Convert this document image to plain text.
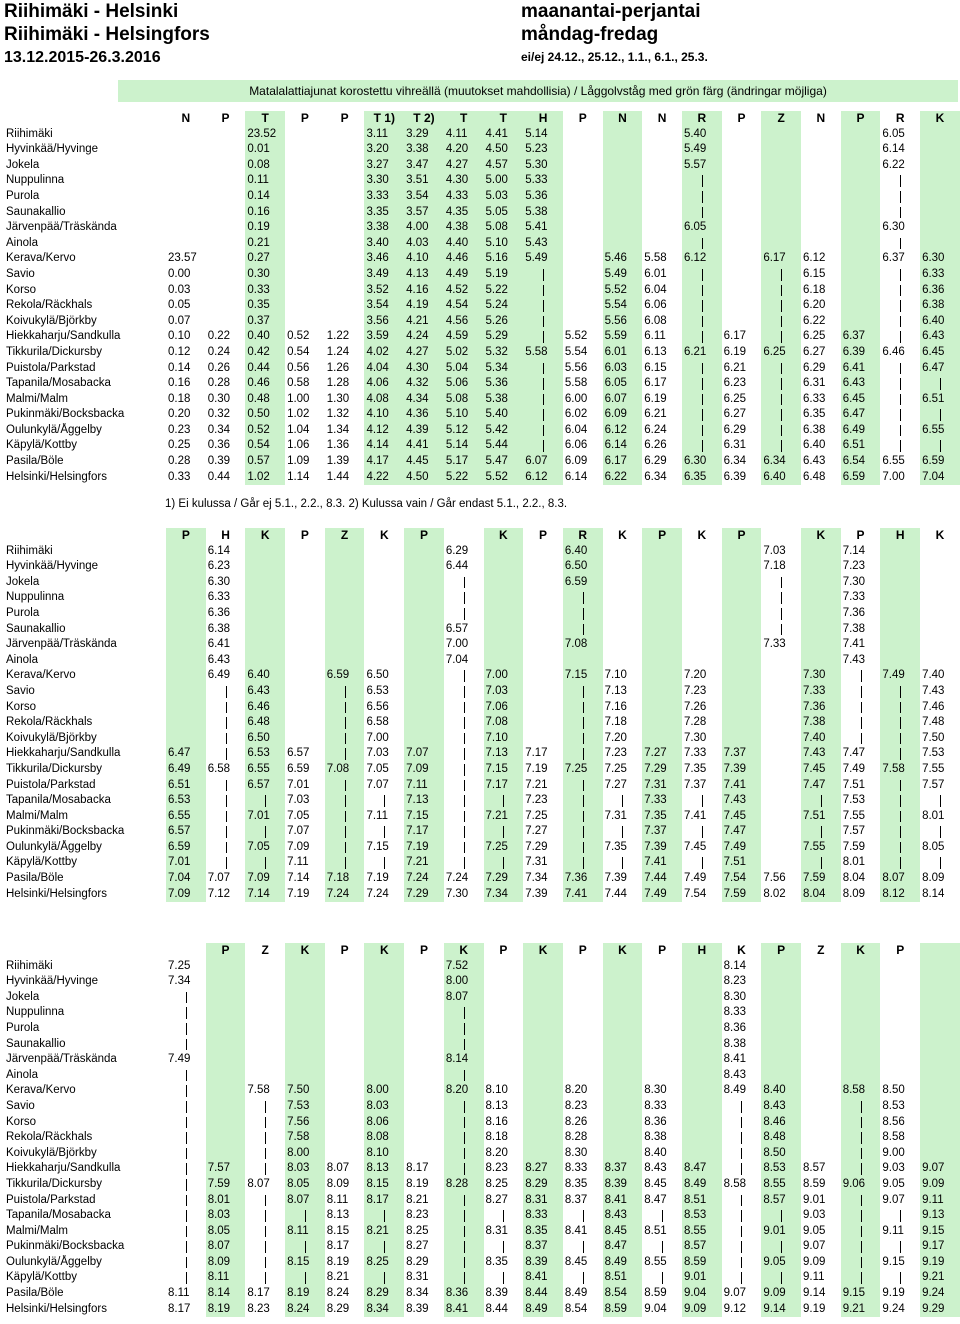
Riihimäki - Helsinki
Riihimäki - Helsingfors
13.12.2015-26.3.2016
maanantai-perjantai
måndag-fredag
ei/ej 24.12., 25.12., 1.1., 6.1., 25.3.
Matalalattiajunat korostettu vihreällä (muutokset mahdollisia) / Låggolvståg med grön färg (ändringar möjliga)
	N	P	T	P	P	T 1)	T 2)	T	T	H	P	N	N	R	P	Z	N	P	R	K
Riihimäki			23.52			3.11	3.29	4.11	4.41	5.14				5.40					6.05	
Hyvinkää/Hyvinge			0.01			3.20	3.38	4.20	4.50	5.23				5.49					6.14	
Jokela			0.08			3.27	3.47	4.27	4.57	5.30				5.57					6.22	
Nuppulinna			0.11			3.30	3.51	4.30	5.00	5.33										
Purola			0.14			3.33	3.54	4.33	5.03	5.36										
Saunakallio			0.16			3.35	3.57	4.35	5.05	5.38										
Järvenpää/Träskända			0.19			3.38	4.00	4.38	5.08	5.41				6.05					6.30	
Ainola			0.21			3.40	4.03	4.40	5.10	5.43										
Kerava/Kervo	23.57		0.27			3.46	4.10	4.46	5.16	5.49		5.46	5.58	6.12		6.17	6.12		6.37	6.30
Savio	0.00		0.30			3.49	4.13	4.49	5.19			5.49	6.01				6.15			6.33
Korso	0.03		0.33			3.52	4.16	4.52	5.22			5.52	6.04				6.18			6.36
Rekola/Räckhals	0.05		0.35			3.54	4.19	4.54	5.24			5.54	6.06				6.20			6.38
Koivukylä/Björkby	0.07		0.37			3.56	4.21	4.56	5.26			5.56	6.08				6.22			6.40
Hiekkaharju/Sandkulla	0.10	0.22	0.40	0.52	1.22	3.59	4.24	4.59	5.29		5.52	5.59	6.11		6.17		6.25	6.37		6.43
Tikkurila/Dickursby	0.12	0.24	0.42	0.54	1.24	4.02	4.27	5.02	5.32	5.58	5.54	6.01	6.13	6.21	6.19	6.25	6.27	6.39	6.46	6.45
Puistola/Parkstad	0.14	0.26	0.44	0.56	1.26	4.04	4.30	5.04	5.34		5.56	6.03	6.15		6.21		6.29	6.41		6.47
Tapanila/Mosabacka	0.16	0.28	0.46	0.58	1.28	4.06	4.32	5.06	5.36		5.58	6.05	6.17		6.23		6.31	6.43		
Malmi/Malm	0.18	0.30	0.48	1.00	1.30	4.08	4.34	5.08	5.38		6.00	6.07	6.19		6.25		6.33	6.45		6.51
Pukinmäki/Bocksbacka	0.20	0.32	0.50	1.02	1.32	4.10	4.36	5.10	5.40		6.02	6.09	6.21		6.27		6.35	6.47		
Oulunkylä/Åggelby	0.23	0.34	0.52	1.04	1.34	4.12	4.39	5.12	5.42		6.04	6.12	6.24		6.29		6.38	6.49		6.55
Käpylä/Kottby	0.25	0.36	0.54	1.06	1.36	4.14	4.41	5.14	5.44		6.06	6.14	6.26		6.31		6.40	6.51		
Pasila/Böle	0.28	0.39	0.57	1.09	1.39	4.17	4.45	5.17	5.47	6.07	6.09	6.17	6.29	6.30	6.34	6.34	6.43	6.54	6.55	6.59
Helsinki/Helsingfors	0.33	0.44	1.02	1.14	1.44	4.22	4.50	5.22	5.52	6.12	6.14	6.22	6.34	6.35	6.39	6.40	6.48	6.59	7.00	7.04
1) Ei kulussa / Går ej 5.1., 2.2., 8.3. 2) Kulussa vain / Går endast 5.1., 2.2., 8.3.
	P	H	K	P	Z	K	P		K	P	R	K	P	K	P		K	P	H	K
Riihimäki		6.14						6.29			6.40					7.03		7.14		
Hyvinkää/Hyvinge		6.23						6.44			6.50					7.18		7.23		
Jokela		6.30									6.59							7.30		
Nuppulinna		6.33																7.33		
Purola		6.36																7.36		
Saunakallio		6.38						6.57										7.38		
Järvenpää/Träskända		6.41						7.00			7.08					7.33		7.41		
Ainola		6.43						7.04										7.43		
Kerava/Kervo		6.49	6.40		6.59	6.50			7.00		7.15	7.10		7.20			7.30		7.49	7.40
Savio			6.43			6.53			7.03			7.13		7.23			7.33			7.43
Korso			6.46			6.56			7.06			7.16		7.26			7.36			7.46
Rekola/Räckhals			6.48			6.58			7.08			7.18		7.28			7.38			7.48
Koivukylä/Björkby			6.50			7.00			7.10			7.20		7.30			7.40			7.50
Hiekkaharju/Sandkulla	6.47		6.53	6.57		7.03	7.07		7.13	7.17		7.23	7.27	7.33	7.37		7.43	7.47		7.53
Tikkurila/Dickursby	6.49	6.58	6.55	6.59	7.08	7.05	7.09		7.15	7.19	7.25	7.25	7.29	7.35	7.39		7.45	7.49	7.58	7.55
Puistola/Parkstad	6.51		6.57	7.01		7.07	7.11		7.17	7.21		7.27	7.31	7.37	7.41		7.47	7.51		7.57
Tapanila/Mosabacka	6.53			7.03			7.13			7.23			7.33		7.43			7.53		
Malmi/Malm	6.55		7.01	7.05		7.11	7.15		7.21	7.25		7.31	7.35	7.41	7.45		7.51	7.55		8.01
Pukinmäki/Bocksbacka	6.57			7.07			7.17			7.27			7.37		7.47			7.57		
Oulunkylä/Åggelby	6.59		7.05	7.09		7.15	7.19		7.25	7.29		7.35	7.39	7.45	7.49		7.55	7.59		8.05
Käpylä/Kottby	7.01			7.11			7.21			7.31			7.41		7.51			8.01		
Pasila/Böle	7.04	7.07	7.09	7.14	7.18	7.19	7.24	7.24	7.29	7.34	7.36	7.39	7.44	7.49	7.54	7.56	7.59	8.04	8.07	8.09
Helsinki/Helsingfors	7.09	7.12	7.14	7.19	7.24	7.24	7.29	7.30	7.34	7.39	7.41	7.44	7.49	7.54	7.59	8.02	8.04	8.09	8.12	8.14
		P	Z	K	P	K	P	K	P	K	P	K	P	H	K	P	Z	K	P	
Riihimäki	7.25							7.52							8.14					
Hyvinkää/Hyvinge	7.34							8.00							8.23					
Jokela								8.07							8.30					
Nuppulinna															8.33					
Purola															8.36					
Saunakallio															8.38					
Järvenpää/Träskända	7.49							8.14							8.41					
Ainola															8.43					
Kerava/Kervo			7.58	7.50		8.00		8.20	8.10		8.20		8.30		8.49	8.40		8.58	8.50	
Savio				7.53		8.03			8.13		8.23		8.33			8.43			8.53	
Korso				7.56		8.06			8.16		8.26		8.36			8.46			8.56	
Rekola/Räckhals				7.58		8.08			8.18		8.28		8.38			8.48			8.58	
Koivukylä/Björkby				8.00		8.10			8.20		8.30		8.40			8.50			9.00	
Hiekkaharju/Sandkulla		7.57		8.03	8.07	8.13	8.17		8.23	8.27	8.33	8.37	8.43	8.47		8.53	8.57		9.03	9.07
Tikkurila/Dickursby		7.59	8.07	8.05	8.09	8.15	8.19	8.28	8.25	8.29	8.35	8.39	8.45	8.49	8.58	8.55	8.59	9.06	9.05	9.09
Puistola/Parkstad		8.01		8.07	8.11	8.17	8.21		8.27	8.31	8.37	8.41	8.47	8.51		8.57	9.01		9.07	9.11
Tapanila/Mosabacka		8.03			8.13		8.23			8.33		8.43		8.53			9.03			9.13
Malmi/Malm		8.05		8.11	8.15	8.21	8.25		8.31	8.35	8.41	8.45	8.51	8.55		9.01	9.05		9.11	9.15
Pukinmäki/Bocksbacka		8.07			8.17		8.27			8.37		8.47		8.57			9.07			9.17
Oulunkylä/Åggelby		8.09		8.15	8.19	8.25	8.29		8.35	8.39	8.45	8.49	8.55	8.59		9.05	9.09		9.15	9.19
Käpylä/Kottby		8.11			8.21		8.31			8.41		8.51		9.01			9.11			9.21
Pasila/Böle	8.11	8.14	8.17	8.19	8.24	8.29	8.34	8.36	8.39	8.44	8.49	8.54	8.59	9.04	9.07	9.09	9.14	9.15	9.19	9.24
Helsinki/Helsingfors	8.17	8.19	8.23	8.24	8.29	8.34	8.39	8.41	8.44	8.49	8.54	8.59	9.04	9.09	9.12	9.14	9.19	9.21	9.24	9.29
